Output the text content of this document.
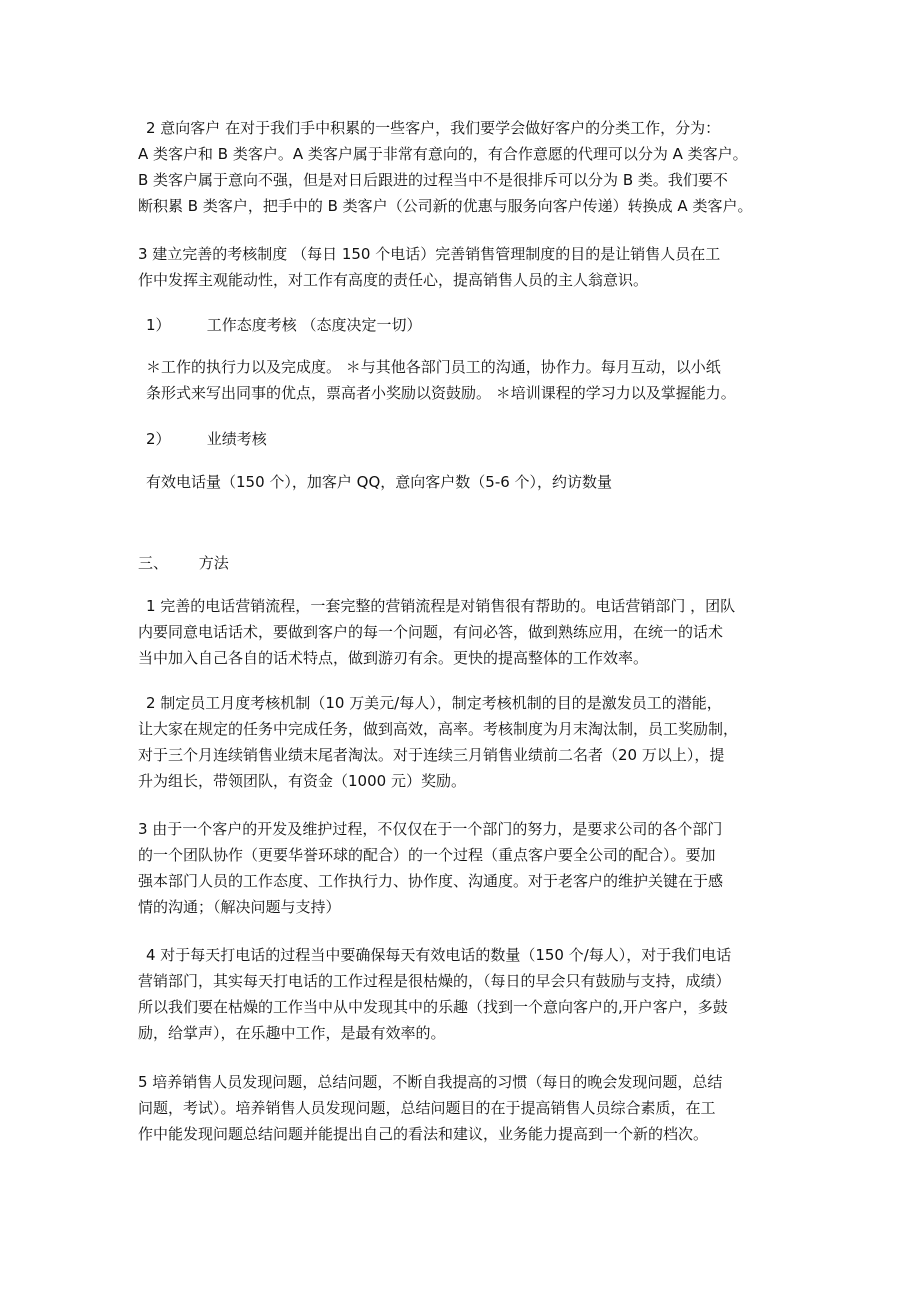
2 意向客户 在对于我们手中积累的一些客户，我们要学会做好客户的分类工作，分为：
A 类客户和 B 类客户。A 类客户属于非常有意向的，有合作意愿的代理可以分为 A 类客户。
B 类客户属于意向不强，但是对日后跟进的过程当中不是很排斥可以分为 B 类。我们要不
断积累 B 类客户，把手中的 B 类客户（公司新的优惠与服务向客户传递）转换成 A 类客户。
3 建立完善的考核制度 （每日 150 个电话）完善销售管理制度的目的是让销售人员在工
作中发挥主观能动性，对工作有高度的责任心，提高销售人员的主人翁意识。
1） 工作态度考核 （态度决定一切）
＊工作的执行力以及完成度。 ＊与其他各部门员工的沟通，协作力。每月互动，以小纸
条形式来写出同事的优点，票高者小奖励以资鼓励。 ＊培训课程的学习力以及掌握能力。
2） 业绩考核
有效电话量（150 个），加客户 QQ，意向客户数（5-6 个），约访数量
三、 方法
1 完善的电话营销流程，一套完整的营销流程是对销售很有帮助的。电话营销部门 ，团队
内要同意电话话术，要做到客户的每一个问题，有问必答，做到熟练应用，在统一的话术
当中加入自己各自的话术特点，做到游刃有余。更快的提高整体的工作效率。
2 制定员工月度考核机制（10 万美元/每人），制定考核机制的目的是激发员工的潜能，
让大家在规定的任务中完成任务，做到高效，高率。考核制度为月末淘汰制，员工奖励制，
对于三个月连续销售业绩末尾者淘汰。对于连续三月销售业绩前二名者（20 万以上），提
升为组长，带领团队，有资金（1000 元）奖励。
3 由于一个客户的开发及维护过程，不仅仅在于一个部门的努力，是要求公司的各个部门
的一个团队协作（更要华誉环球的配合）的一个过程（重点客户要全公司的配合）。要加
强本部门人员的工作态度、工作执行力、协作度、沟通度。对于老客户的维护关键在于感
情的沟通；（解决问题与支持）
4 对于每天打电话的过程当中要确保每天有效电话的数量（150 个/每人），对于我们电话
营销部门，其实每天打电话的工作过程是很枯燥的，（每日的早会只有鼓励与支持，成绩）
所以我们要在枯燥的工作当中从中发现其中的乐趣（找到一个意向客户的,开户客户，多鼓
励，给掌声），在乐趣中工作，是最有效率的。
5 培养销售人员发现问题，总结问题，不断自我提高的习惯（每日的晚会发现问题，总结
问题，考试）。培养销售人员发现问题，总结问题目的在于提高销售人员综合素质，在工
作中能发现问题总结问题并能提出自己的看法和建议，业务能力提高到一个新的档次。
